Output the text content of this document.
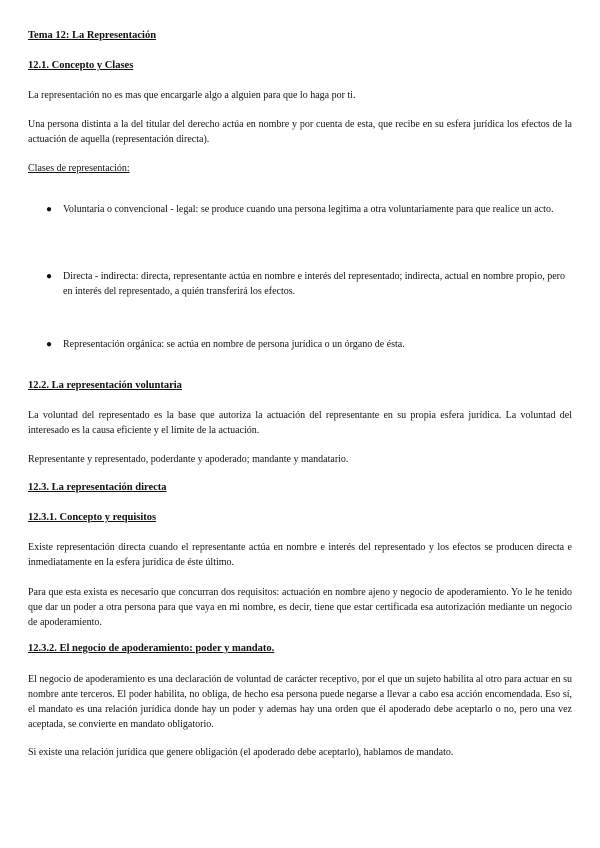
Tema 12: La Representación
12.1. Concepto y Clases

La representación no es mas que encargarle algo a alguien para que lo haga por ti.

Una persona distinta a la del titular del derecho actúa en nombre y por cuenta de esta, que recibe en su esfera jurídica los efectos de la actuación de aquella (representación directa).

Clases de representación:

●	Voluntaria o convencional - legal: se produce cuando una persona legitima a otra voluntariamente para que realice un acto.
●	Directa - indirecta: directa, representante actúa en nombre e interés del representado; indirecta, actual en nombre propio, pero en interés del representado, a quién transferirá los efectos.
●	Representación orgánica: se actúa en nombre de persona jurídica o un órgano de ésta.
12.2. La representación voluntaria

La voluntad del representado es la base que autoriza la actuación del representante en su propia esfera jurídica. La voluntad del interesado es la causa eficiente y el límite de la actuación.

Representante y representado, poderdante y apoderado; mandante y mandatario.

12.3. La representación directa
12.3.1. Concepto y requisitos

Existe representación directa cuando el representante actúa en nombre e interés del representado y los efectos se producen directa e inmediatamente en la esfera jurídica de éste último.

Para que esta exista es necesario que concurran dos requisitos: actuación en nombre ajeno y negocio de apoderamiento. Yo le he tenido que dar un poder a otra persona para que vaya en mi nombre, es decir, tiene que estar certificada esa autorización mediante un negocio de apoderamiento.

12.3.2. El negocio de apoderamiento: poder y mandato.

El negocio de apoderamiento es una declaración de voluntad de carácter receptivo, por el que un sujeto habilita al otro para actuar en su nombre ante terceros. El poder habilita, no obliga, de hecho esa persona puede negarse a llevar a cabo esa acción encomendada. Eso sí, el mandato es una relación jurídica donde hay un poder y ademas hay una orden que él apoderado debe aceptarlo o no, pero una vez aceptada, se convierte en mandato obligatorio.

Si existe una relación jurídica que genere obligación (el apoderado debe aceptarlo), hablamos de mandato.
